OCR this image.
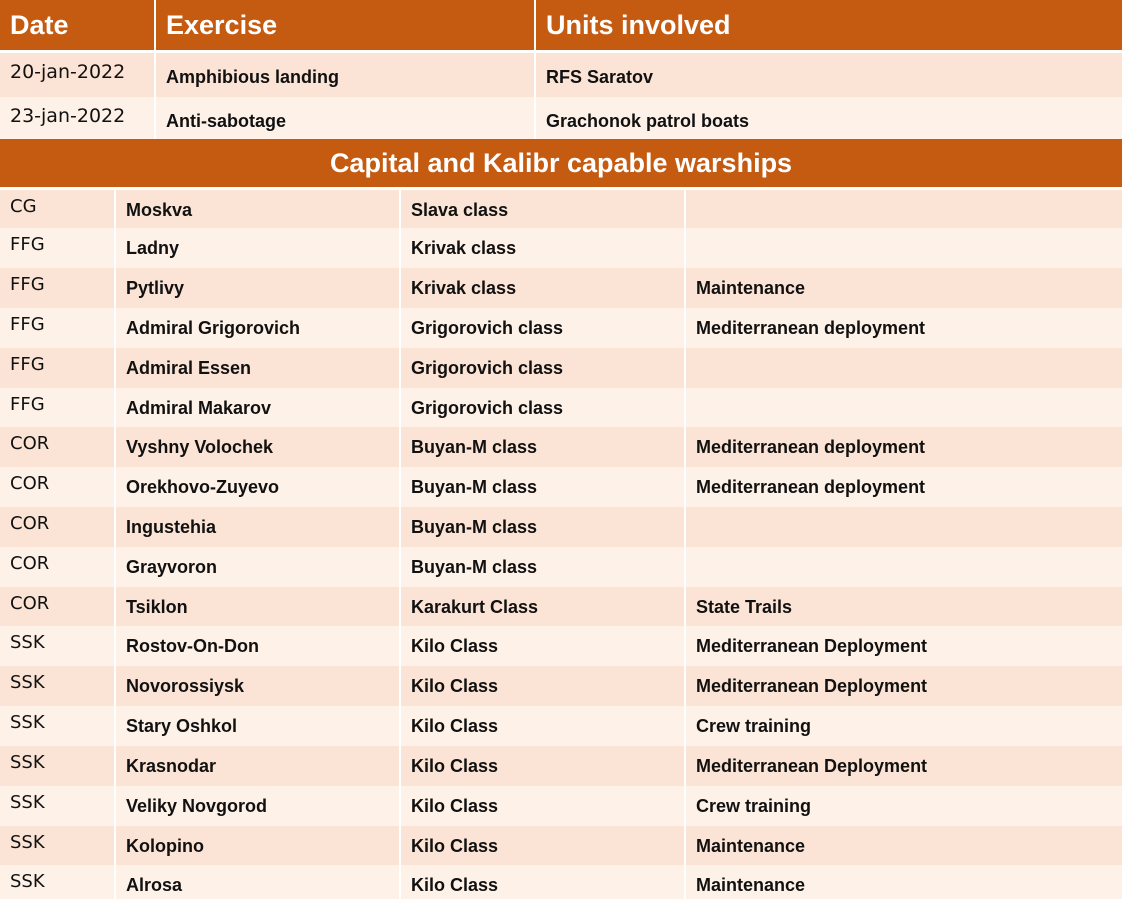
Date	Exercise	Units involved
20-jan-2022	Amphibious landing	RFS Saratov
23-jan-2022	Anti-sabotage	Grachonok patrol boats
Capital and Kalibr capable warships			
CG	Moskva	Slava class	
FFG	Ladny	Krivak class	
FFG	Pytlivy	Krivak class	Maintenance
FFG	Admiral Grigorovich	Grigorovich class	Mediterranean deployment
FFG	Admiral Essen	Grigorovich class	
FFG	Admiral Makarov	Grigorovich class	
COR	Vyshny Volochek	Buyan-M class	Mediterranean deployment
COR	Orekhovo-Zuyevo	Buyan-M class	Mediterranean deployment
COR	Ingustehia	Buyan-M class	
COR	Grayvoron	Buyan-M class	
COR	Tsiklon	Karakurt Class	State Trails
SSK	Rostov-On-Don	Kilo Class	Mediterranean Deployment
SSK	Novorossiysk	Kilo Class	Mediterranean Deployment
SSK	Stary Oshkol	Kilo Class	Crew training
SSK	Krasnodar	Kilo Class	Mediterranean Deployment
SSK	Veliky Novgorod	Kilo Class	Crew training
SSK	Kolopino	Kilo Class	Maintenance
SSK	Alrosa	Kilo Class	Maintenance
